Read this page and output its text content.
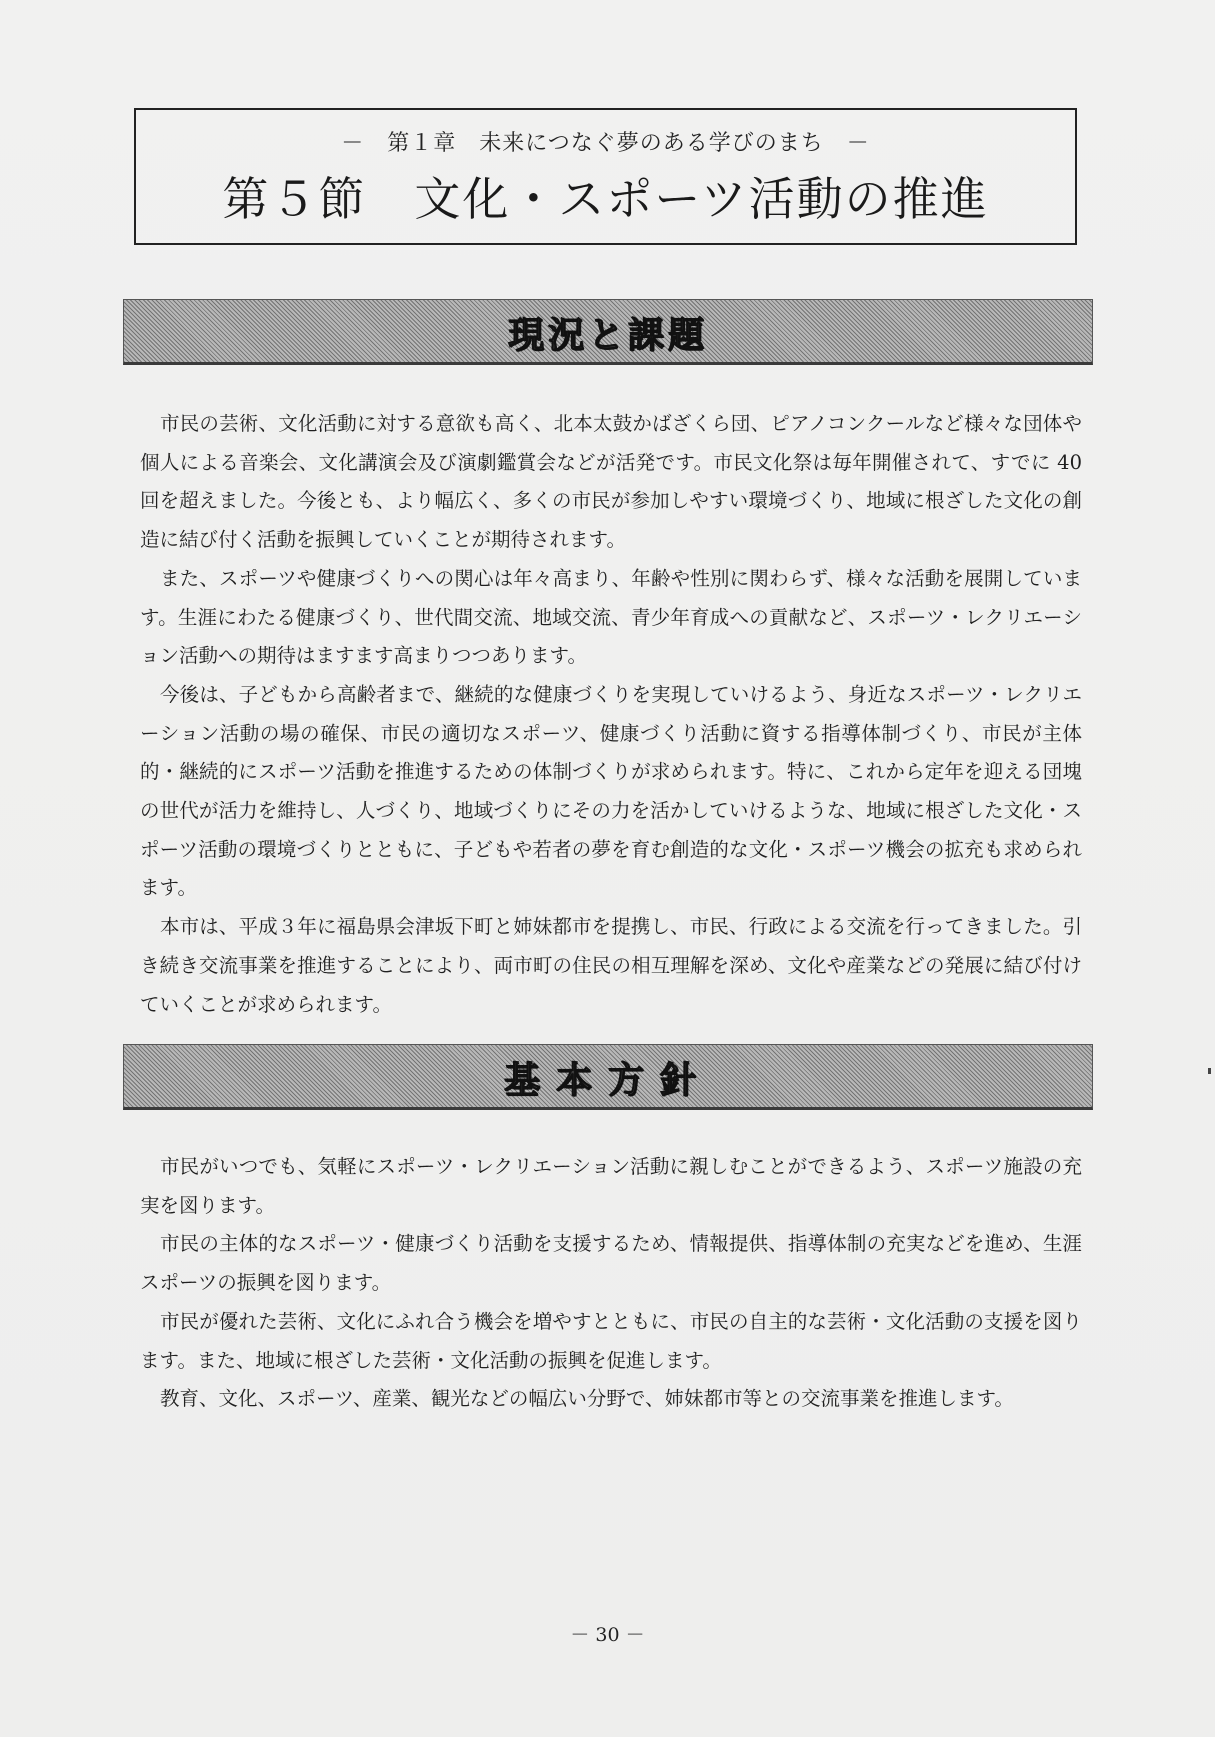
－　第１章　未来につなぐ夢のある学びのまち　－
第５節　文化・スポーツ活動の推進
現況と課題

市民の芸術、文化活動に対する意欲も高く、北本太鼓かばざくら団、ピアノコンクールなど様々な団体や個人による音楽会、文化講演会及び演劇鑑賞会などが活発です。市民文化祭は毎年開催されて、すでに 40 回を超えました。今後とも、より幅広く、多くの市民が参加しやすい環境づくり、地域に根ざした文化の創造に結び付く活動を振興していくことが期待されます。

また、スポーツや健康づくりへの関心は年々高まり、年齢や性別に関わらず、様々な活動を展開しています。生涯にわたる健康づくり、世代間交流、地域交流、青少年育成への貢献など、スポーツ・レクリエーション活動への期待はますます高まりつつあります。

今後は、子どもから高齢者まで、継続的な健康づくりを実現していけるよう、身近なスポーツ・レクリエーション活動の場の確保、市民の適切なスポーツ、健康づくり活動に資する指導体制づくり、市民が主体的・継続的にスポーツ活動を推進するための体制づくりが求められます。特に、これから定年を迎える団塊の世代が活力を維持し、人づくり、地域づくりにその力を活かしていけるような、地域に根ざした文化・スポーツ活動の環境づくりとともに、子どもや若者の夢を育む創造的な文化・スポーツ機会の拡充も求められます。

本市は、平成３年に福島県会津坂下町と姉妹都市を提携し、市民、行政による交流を行ってきました。引き続き交流事業を推進することにより、両市町の住民の相互理解を深め、文化や産業などの発展に結び付けていくことが求められます。

基本方針

市民がいつでも、気軽にスポーツ・レクリエーション活動に親しむことができるよう、スポーツ施設の充実を図ります。

市民の主体的なスポーツ・健康づくり活動を支援するため、情報提供、指導体制の充実などを進め、生涯スポーツの振興を図ります。

市民が優れた芸術、文化にふれ合う機会を増やすとともに、市民の自主的な芸術・文化活動の支援を図ります。また、地域に根ざした芸術・文化活動の振興を促進します。

教育、文化、スポーツ、産業、観光などの幅広い分野で、姉妹都市等との交流事業を推進します。

－ 30 －
